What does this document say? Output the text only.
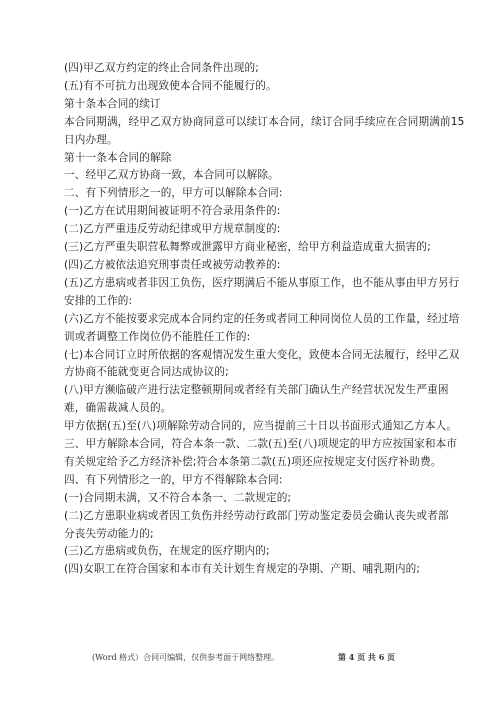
(四)甲乙双方约定的终止合同条件出现的;
(五)有不可抗力出现致使本合同不能履行的。
第十条本合同的续订
本合同期满，经甲乙双方协商同意可以续订本合同，续订合同手续应在合同期满前15
日内办理。
第十一条本合同的解除
一、经甲乙双方协商一致，本合同可以解除。
二、有下列情形之一的，甲方可以解除本合同:
(一)乙方在试用期间被证明不符合录用条件的:
(二)乙方严重违反劳动纪律或甲方规章制度的:
(三)乙方严重失职营私舞弊或泄露甲方商业秘密，给甲方利益造成重大损害的;
(四)乙方被依法追究刑事责任或被劳动教养的:
(五)乙方患病或者非因工负伤，医疗期满后不能从事原工作，也不能从事由甲方另行
安排的工作的:
(六)乙方不能按要求完成本合同约定的任务或者同工种同岗位人员的工作量，经过培
训或者调整工作岗位仍不能胜任工作的:
(七)本合同订立时所依据的客观情况发生重大变化，致使本合同无法履行，经甲乙双
方协商不能就变更合同达成协议的;
(八)甲方濒临破产进行法定整顿期间或者经有关部门确认生产经营状况发生严重困
难，确需裁减人员的。
甲方依据(五)至(八)项解除劳动合同的，应当提前三十日以书面形式通知乙方本人。
三、甲方解除本合同，符合本条一款、二款(五)至(八)项规定的甲方应按国家和本市
有关规定给予乙方经济补偿;符合本条第二款(五)项还应按规定支付医疗补助费。
四、有下列情形之一的，甲方不得解除本合同:
(一)合同期未满，又不符合本条一、二款规定的;
(二)乙方患职业病或者因工负伤并经劳动行政部门劳动鉴定委员会确认丧失或者部
分丧失劳动能力的;
(三)乙方患病或负伤，在规定的医疗期内的;
(四)女职工在符合国家和本市有关计划生育规定的孕期、产期、哺乳期内的;
(Word 格式）合同可编辑，仅供参考面于网络整理。	第 4 页 共 6 页
